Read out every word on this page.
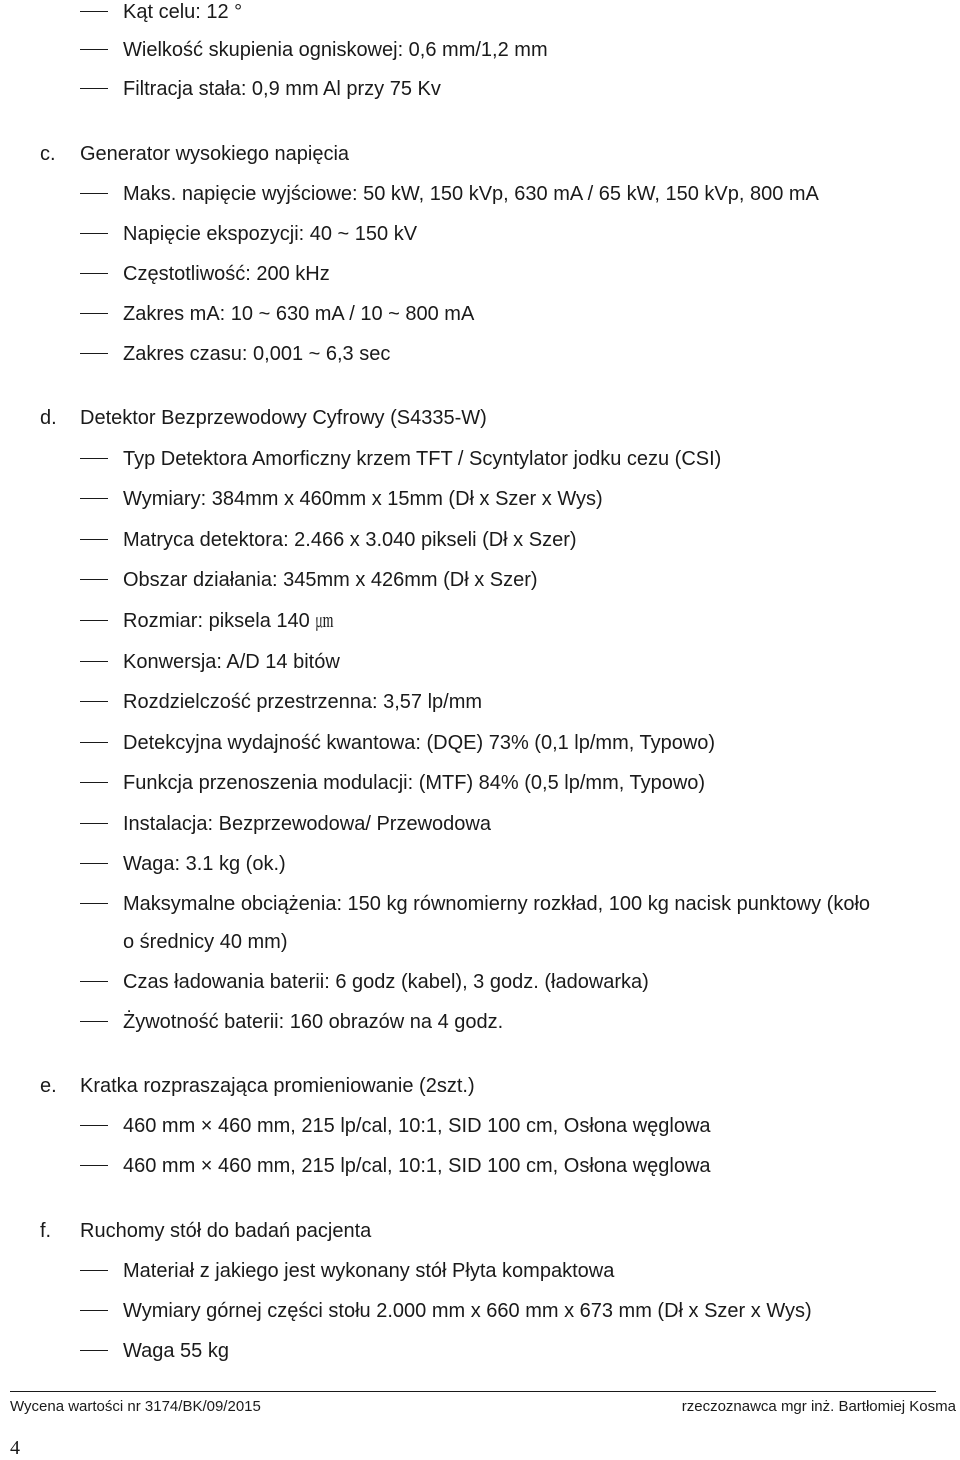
Kąt celu: 12 °
Wielkość skupienia ogniskowej: 0,6 mm/1,2 mm
Filtracja stała: 0,9 mm Al przy 75 Kv
c. Generator wysokiego napięcia
Maks. napięcie wyjściowe: 50 kW, 150 kVp, 630 mA / 65 kW, 150 kVp, 800 mA
Napięcie ekspozycji: 40 ~ 150 kV
Częstotliwość: 200 kHz
Zakres mA: 10 ~ 630 mA / 10 ~ 800 mA
Zakres czasu: 0,001 ~ 6,3 sec
d. Detektor Bezprzewodowy Cyfrowy (S4335-W)
Typ Detektora Amorficzny krzem TFT / Scyntylator jodku cezu (CSI)
Wymiary: 384mm x 460mm x 15mm (Dł x Szer x Wys)
Matryca detektora: 2.466 x 3.040 pikseli (Dł x Szer)
Obszar działania: 345mm x 426mm (Dł x Szer)
Rozmiar: piksela 140 ㎛
Konwersja: A/D 14 bitów
Rozdzielczość przestrzenna: 3,57 lp/mm
Detekcyjna wydajność kwantowa: (DQE) 73% (0,1 lp/mm, Typowo)
Funkcja przenoszenia modulacji: (MTF) 84% (0,5 lp/mm, Typowo)
Instalacja: Bezprzewodowa/ Przewodowa
Waga: 3.1 kg (ok.)
Maksymalne obciążenia: 150 kg równomierny rozkład, 100 kg nacisk punktowy (koło
o średnicy 40 mm)
Czas ładowania baterii: 6 godz (kabel), 3 godz. (ładowarka)
Żywotność baterii: 160 obrazów na 4 godz.
e. Kratka rozpraszająca promieniowanie (2szt.)
460 mm × 460 mm, 215 lp/cal, 10:1, SID 100 cm, Osłona węglowa
460 mm × 460 mm, 215 lp/cal, 10:1, SID 100 cm, Osłona węglowa
f. Ruchomy stół do badań pacjenta
Materiał z jakiego jest wykonany stół Płyta kompaktowa
Wymiary górnej części stołu 2.000 mm x 660 mm x 673 mm (Dł x Szer x Wys)
Waga 55 kg
Wycena wartości nr 3174/BK/09/2015	rzeczoznawca mgr inż. Bartłomiej Kosma
4
